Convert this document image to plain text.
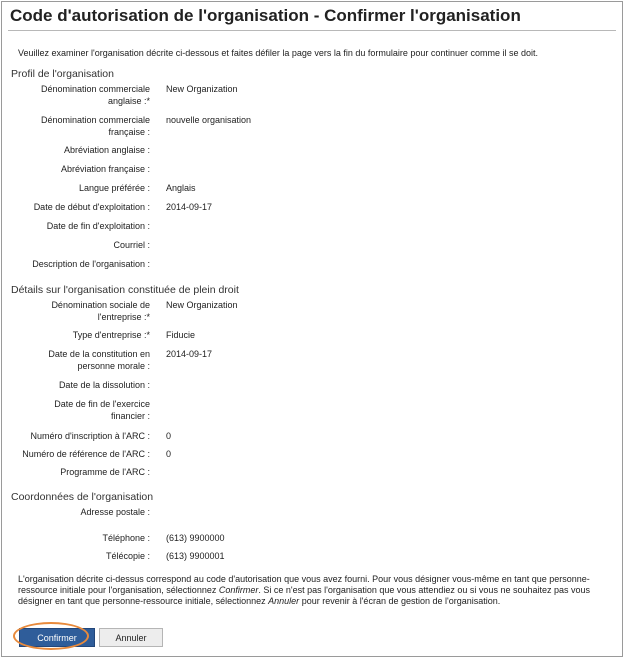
Code d'autorisation de l'organisation - Confirmer l'organisation
Veuillez examiner l'organisation décrite ci-dessous et faites défiler la page vers la fin du formulaire pour continuer comme il se doit.
Profil de l'organisation
Dénomination commerciale
anglaise :*
New Organization
Dénomination commerciale
française :
nouvelle organisation
Abréviation anglaise :
Abréviation française :
Langue préférée : Anglais
Date de début d'exploitation : 2014-09-17
Date de fin d'exploitation :
Courriel :
Description de l'organisation :
Détails sur l'organisation constituée de plein droit
Dénomination sociale de
l'entreprise :*
New Organization
Type d'entreprise :* Fiducie
Date de la constitution en
personne morale :
2014-09-17
Date de la dissolution :
Date de fin de l'exercice
financier :
Numéro d'inscription à l'ARC : 0
Numéro de référence de l'ARC : 0
Programme de l'ARC :
Coordonnées de l'organisation
Adresse postale :
Téléphone : (613) 9900000
Télécopie : (613) 9900001
L'organisation décrite ci-dessus correspond au code d'autorisation que vous avez fourni. Pour vous désigner vous-même en tant que personne-ressource initiale pour l'organisation, sélectionnez Confirmer. Si ce n'est pas l'organisation que vous attendiez ou si vous ne souhaitez pas vous désigner en tant que personne-ressource initiale, sélectionnez Annuler pour revenir à l'écran de gestion de l'organisation.
Confirmer	Annuler
